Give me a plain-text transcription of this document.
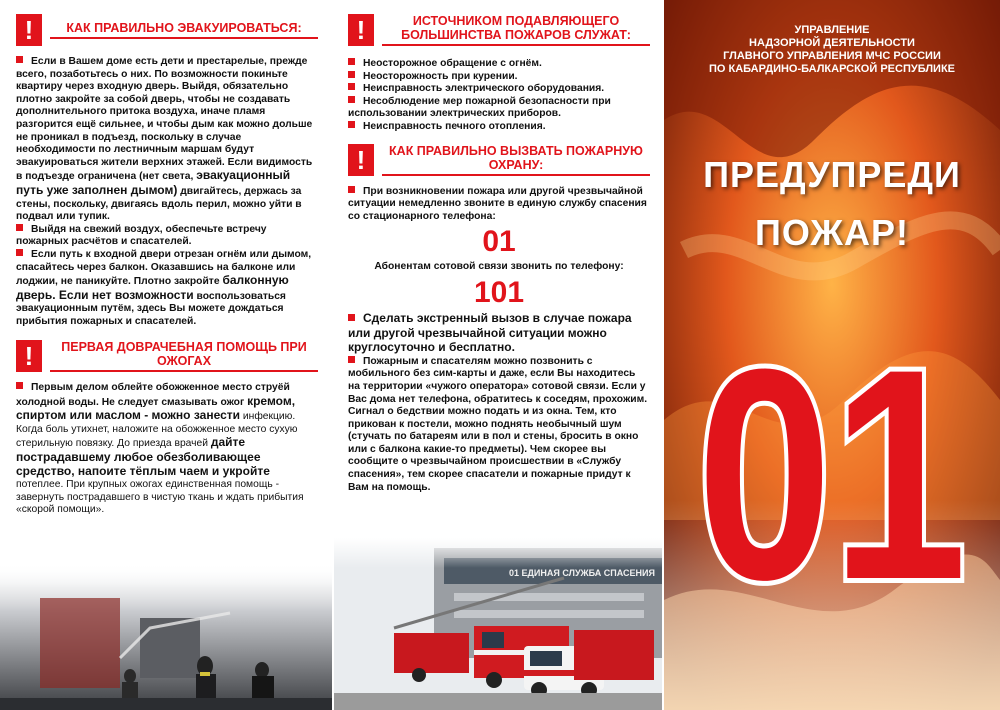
!	КАК ПРАВИЛЬНО ЭВАКУИРОВАТЬСЯ:

Если в Вашем доме есть дети и престарелые, прежде всего, позаботьтесь о них. По возможности покиньте квартиру через входную дверь. Выйдя, обязательно плотно закройте за собой дверь, чтобы не создавать дополнительного притока воздуха, иначе пламя разгорится ещё сильнее, и чтобы дым как можно дольше не проникал в подъезд, поскольку в случае необходимости по лестничным маршам будут эвакуироваться жители верхних этажей. Если видимость в подъезде ограничена (нет света, эвакуационный путь уже заполнен дымом) двигайтесь, держась за стены, поскольку, двигаясь вдоль перил, можно уйти в подвал или тупик.

Выйдя на свежий воздух, обеспечьте встречу пожарных расчётов и спасателей.

Если путь к входной двери отрезан огнём или дымом, спасайтесь через балкон. Оказавшись на балконе или лоджии, не паникуйте. Плотно закройте балконную дверь. Если нет возможности воспользоваться эвакуационным путём, здесь Вы можете дождаться прибытия пожарных и спасателей.

!	ПЕРВАЯ ДОВРАЧЕБНАЯ ПОМОЩЬ ПРИ ОЖОГАХ

Первым делом облейте обожженное место струёй холодной воды. Не следует смазывать ожог кремом, спиртом или маслом - можно занести инфекцию. Когда боль утихнет, наложите на обожженное место сухую стерильную повязку. До приезда врачей дайте пострадавшему любое обезболивающее средство, напоите тёплым чаем и укройте потеплее. При крупных ожогах единственная помощь - завернуть пострадавшего в чистую ткань и ждать прибытия «скорой помощи».

!	ИСТОЧНИКОМ ПОДАВЛЯЮЩЕГО БОЛЬШИНСТВА ПОЖАРОВ СЛУЖАТ:

Неосторожное обращение с огнём.

Неосторожность при курении.

Неисправность электрического оборудования.

Несоблюдение мер пожарной безопасности при использовании электрических приборов.

Неисправность печного отопления.

!	КАК ПРАВИЛЬНО ВЫЗВАТЬ ПОЖАРНУЮ ОХРАНУ:

При возникновении пожара или другой чрезвычайной ситуации немедленно звоните в единую службу спасения со стационарного телефона:

01

Абонентам сотовой связи звонить по телефону:

101

Сделать экстренный вызов в случае пожара или другой чрезвычайной ситуации можно круглосуточно и бесплатно.

Пожарным и спасателям можно позвонить с мобильного без сим-карты и даже, если Вы находитесь на территории «чужого оператора» сотовой связи. Если у Вас дома нет телефона, обратитесь к соседям, прохожим. Сигнал о бедствии можно подать и из окна. Тем, кто прикован к постели, можно поднять необычный шум (стучать по батареям или в пол и стены, бросить в окно или с балкона какие-то предметы). Чем скорее вы сообщите о чрезвычайном происшествии в «Службу спасения», тем скорее спасатели и пожарные придут к Вам на помощь.

01 ЕДИНАЯ СЛУЖБА СПАСЕНИЯ
УПРАВЛЕНИЕ
НАДЗОРНОЙ ДЕЯТЕЛЬНОСТИ
ГЛАВНОГО УПРАВЛЕНИЯ МЧС РОССИИ
ПО КАБАРДИНО-БАЛКАРСКОЙ РЕСПУБЛИКЕ
ПРЕДУПРЕДИ
ПОЖАР!
01
